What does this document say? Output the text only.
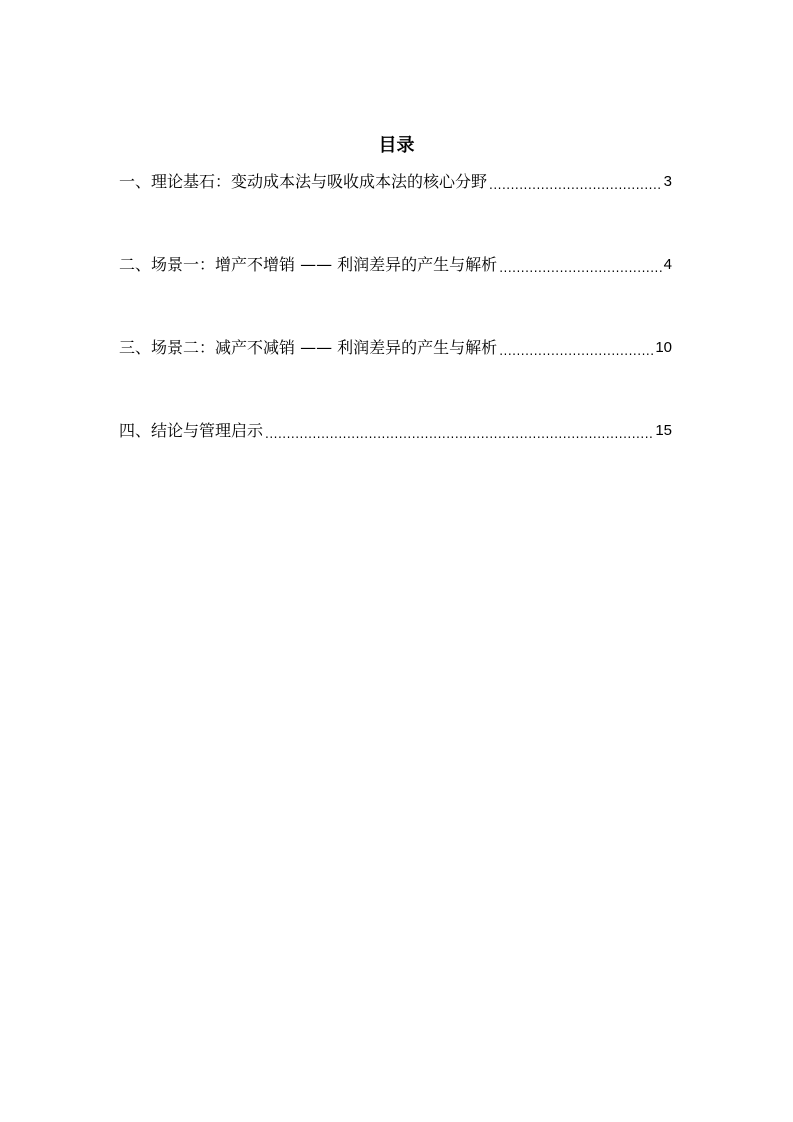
目录
一、理论基石：变动成本法与吸收成本法的核心分野 .....	3
二、场景一：增产不增销 —— 利润差异的产生与解析 .....	4
三、场景二：减产不减销 —— 利润差异的产生与解析 .....	10
四、结论与管理启示 .....	15
